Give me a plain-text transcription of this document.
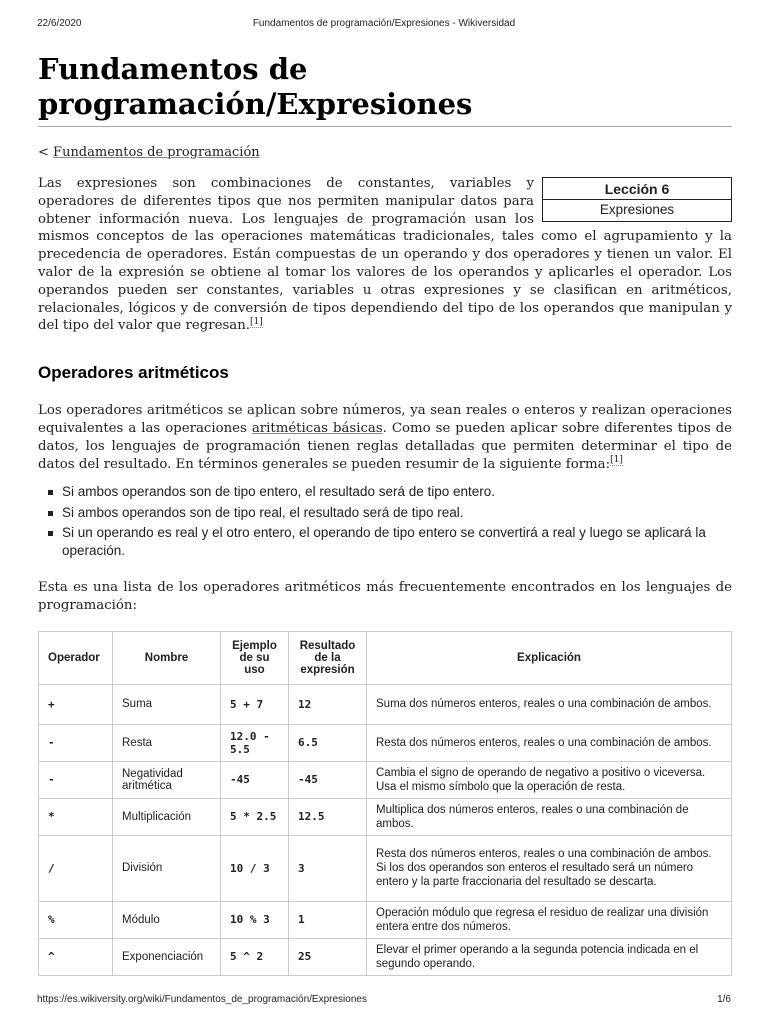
22/6/2020	Fundamentos de programación/Expresiones - Wikiversidad
Fundamentos de programación/Expresiones
< Fundamentos de programación
Lección 6
Expresiones

Las expresiones son combinaciones de constantes, variables y operadores de diferentes tipos que nos permiten manipular datos para obtener información nueva. Los lenguajes de programación usan los mismos conceptos de las operaciones matemáticas tradicionales, tales como el agrupamiento y la precedencia de operadores. Están compuestas de un operando y dos operadores y tienen un valor. El valor de la expresión se obtiene al tomar los valores de los operandos y aplicarles el operador. Los operandos pueden ser constantes, variables u otras expresiones y se clasifican en aritméticos, relacionales, lógicos y de conversión de tipos dependiendo del tipo de los operandos que manipulan y del tipo del valor que regresan.[1]

Operadores aritméticos

Los operadores aritméticos se aplican sobre números, ya sean reales o enteros y realizan operaciones equivalentes a las operaciones aritméticas básicas. Como se pueden aplicar sobre diferentes tipos de datos, los lenguajes de programación tienen reglas detalladas que permiten determinar el tipo de datos del resultado. En términos generales se pueden resumir de la siguiente forma:[1]

Si ambos operandos son de tipo entero, el resultado será de tipo entero.
Si ambos operandos son de tipo real, el resultado será de tipo real.
Si un operando es real y el otro entero, el operando de tipo entero se convertirá a real y luego se aplicará la operación.

Esta es una lista de los operadores aritméticos más frecuentemente encontrados en los lenguajes de programación:

Operador	Nombre	Ejemplo de su uso	Resultado de la expresión	Explicación
+	Suma	5 + 7	12	Suma dos números enteros, reales o una combinación de ambos.
-	Resta	12.0 - 5.5	6.5	Resta dos números enteros, reales o una combinación de ambos.
-	Negatividad aritmética	-45	-45	Cambia el signo de operando de negativo a positivo o viceversa. Usa el mismo símbolo que la operación de resta.
*	Multiplicación	5 * 2.5	12.5	Multiplica dos números enteros, reales o una combinación de ambos.
/	División	10 / 3	3	Resta dos números enteros, reales o una combinación de ambos. Si los dos operandos son enteros el resultado será un número entero y la parte fraccionaria del resultado se descarta.
%	Módulo	10 % 3	1	Operación módulo que regresa el residuo de realizar una división entera entre dos números.
^	Exponenciación	5 ^ 2	25	Elevar el primer operando a la segunda potencia indicada en el segundo operando.
https://es.wikiversity.org/wiki/Fundamentos_de_programación/Expresiones	1/6
